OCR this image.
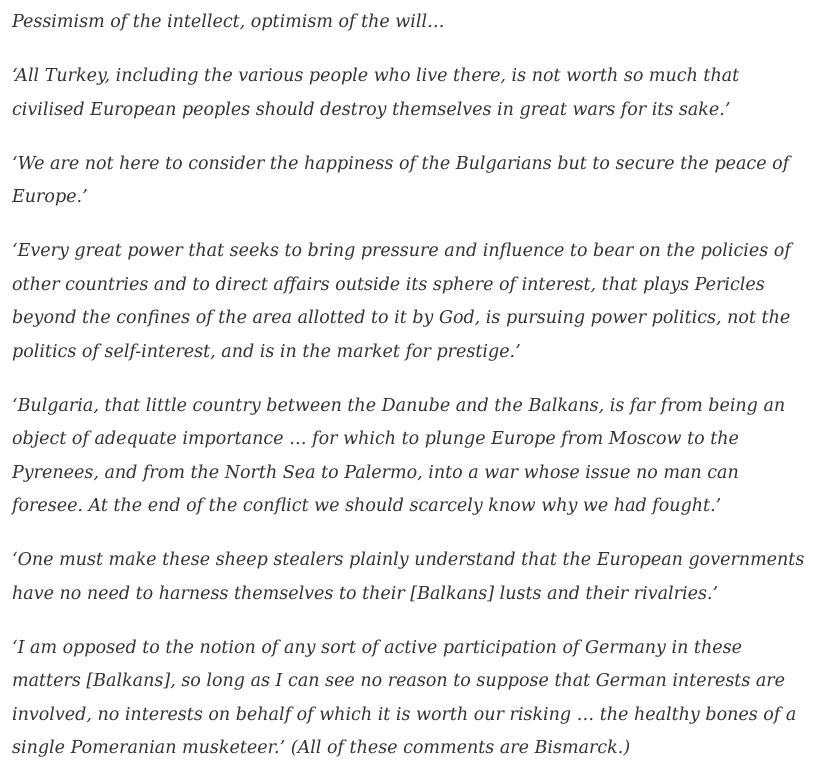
Pessimism of the intellect, optimism of the will…

‘All Turkey, including the various people who live there, is not worth so much that civilised European peoples should destroy themselves in great wars for its sake.’

‘We are not here to consider the happiness of the Bulgarians but to secure the peace of Europe.’

‘Every great power that seeks to bring pressure and influence to bear on the policies of other countries and to direct affairs outside its sphere of interest, that plays Pericles beyond the confines of the area allotted to it by God, is pursuing power politics, not the politics of self-interest, and is in the market for prestige.’

‘Bulgaria, that little country between the Danube and the Balkans, is far from being an object of adequate importance … for which to plunge Europe from Moscow to the Pyrenees, and from the North Sea to Palermo, into a war whose issue no man can foresee. At the end of the conflict we should scarcely know why we had fought.’

‘One must make these sheep stealers plainly understand that the European governments have no need to harness themselves to their [Balkans] lusts and their rivalries.’

‘I am opposed to the notion of any sort of active participation of Germany in these matters [Balkans], so long as I can see no reason to suppose that German interests are involved, no interests on behalf of which it is worth our risking … the healthy bones of a single Pomeranian musketeer.’ (All of these comments are Bismarck.)
